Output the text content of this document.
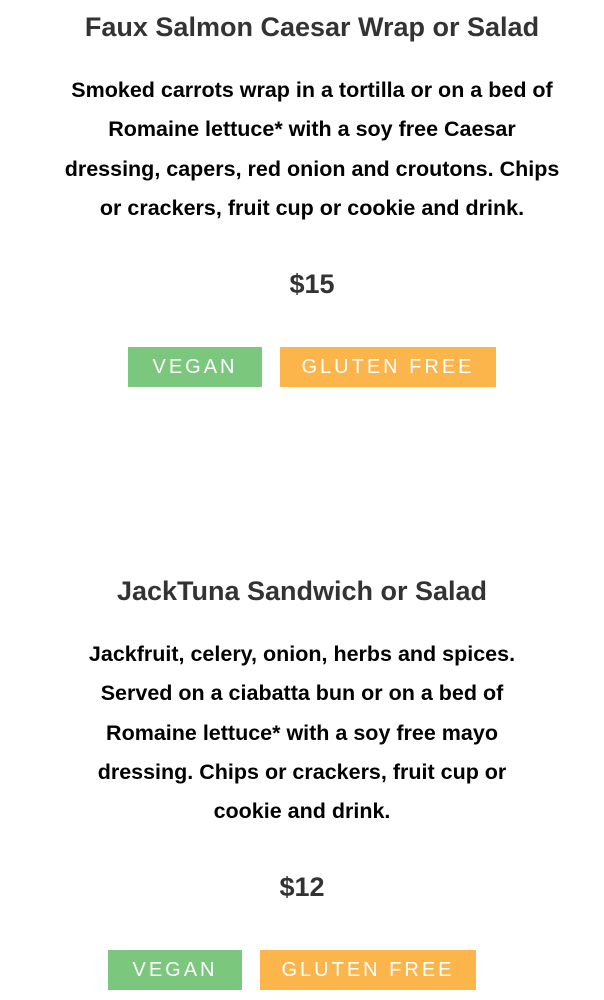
Faux Salmon Caesar Wrap or Salad

Smoked carrots wrap in a tortilla or on a bed of Romaine lettuce* with a soy free Caesar dressing, capers, red onion and croutons. Chips or crackers, fruit cup or cookie and drink.

$15

VEGAN	GLUTEN FREE
JackTuna Sandwich or Salad

Jackfruit, celery, onion, herbs and spices. Served on a ciabatta bun or on a bed of Romaine lettuce* with a soy free mayo dressing. Chips or crackers, fruit cup or cookie and drink.

$12

VEGAN	GLUTEN FREE
